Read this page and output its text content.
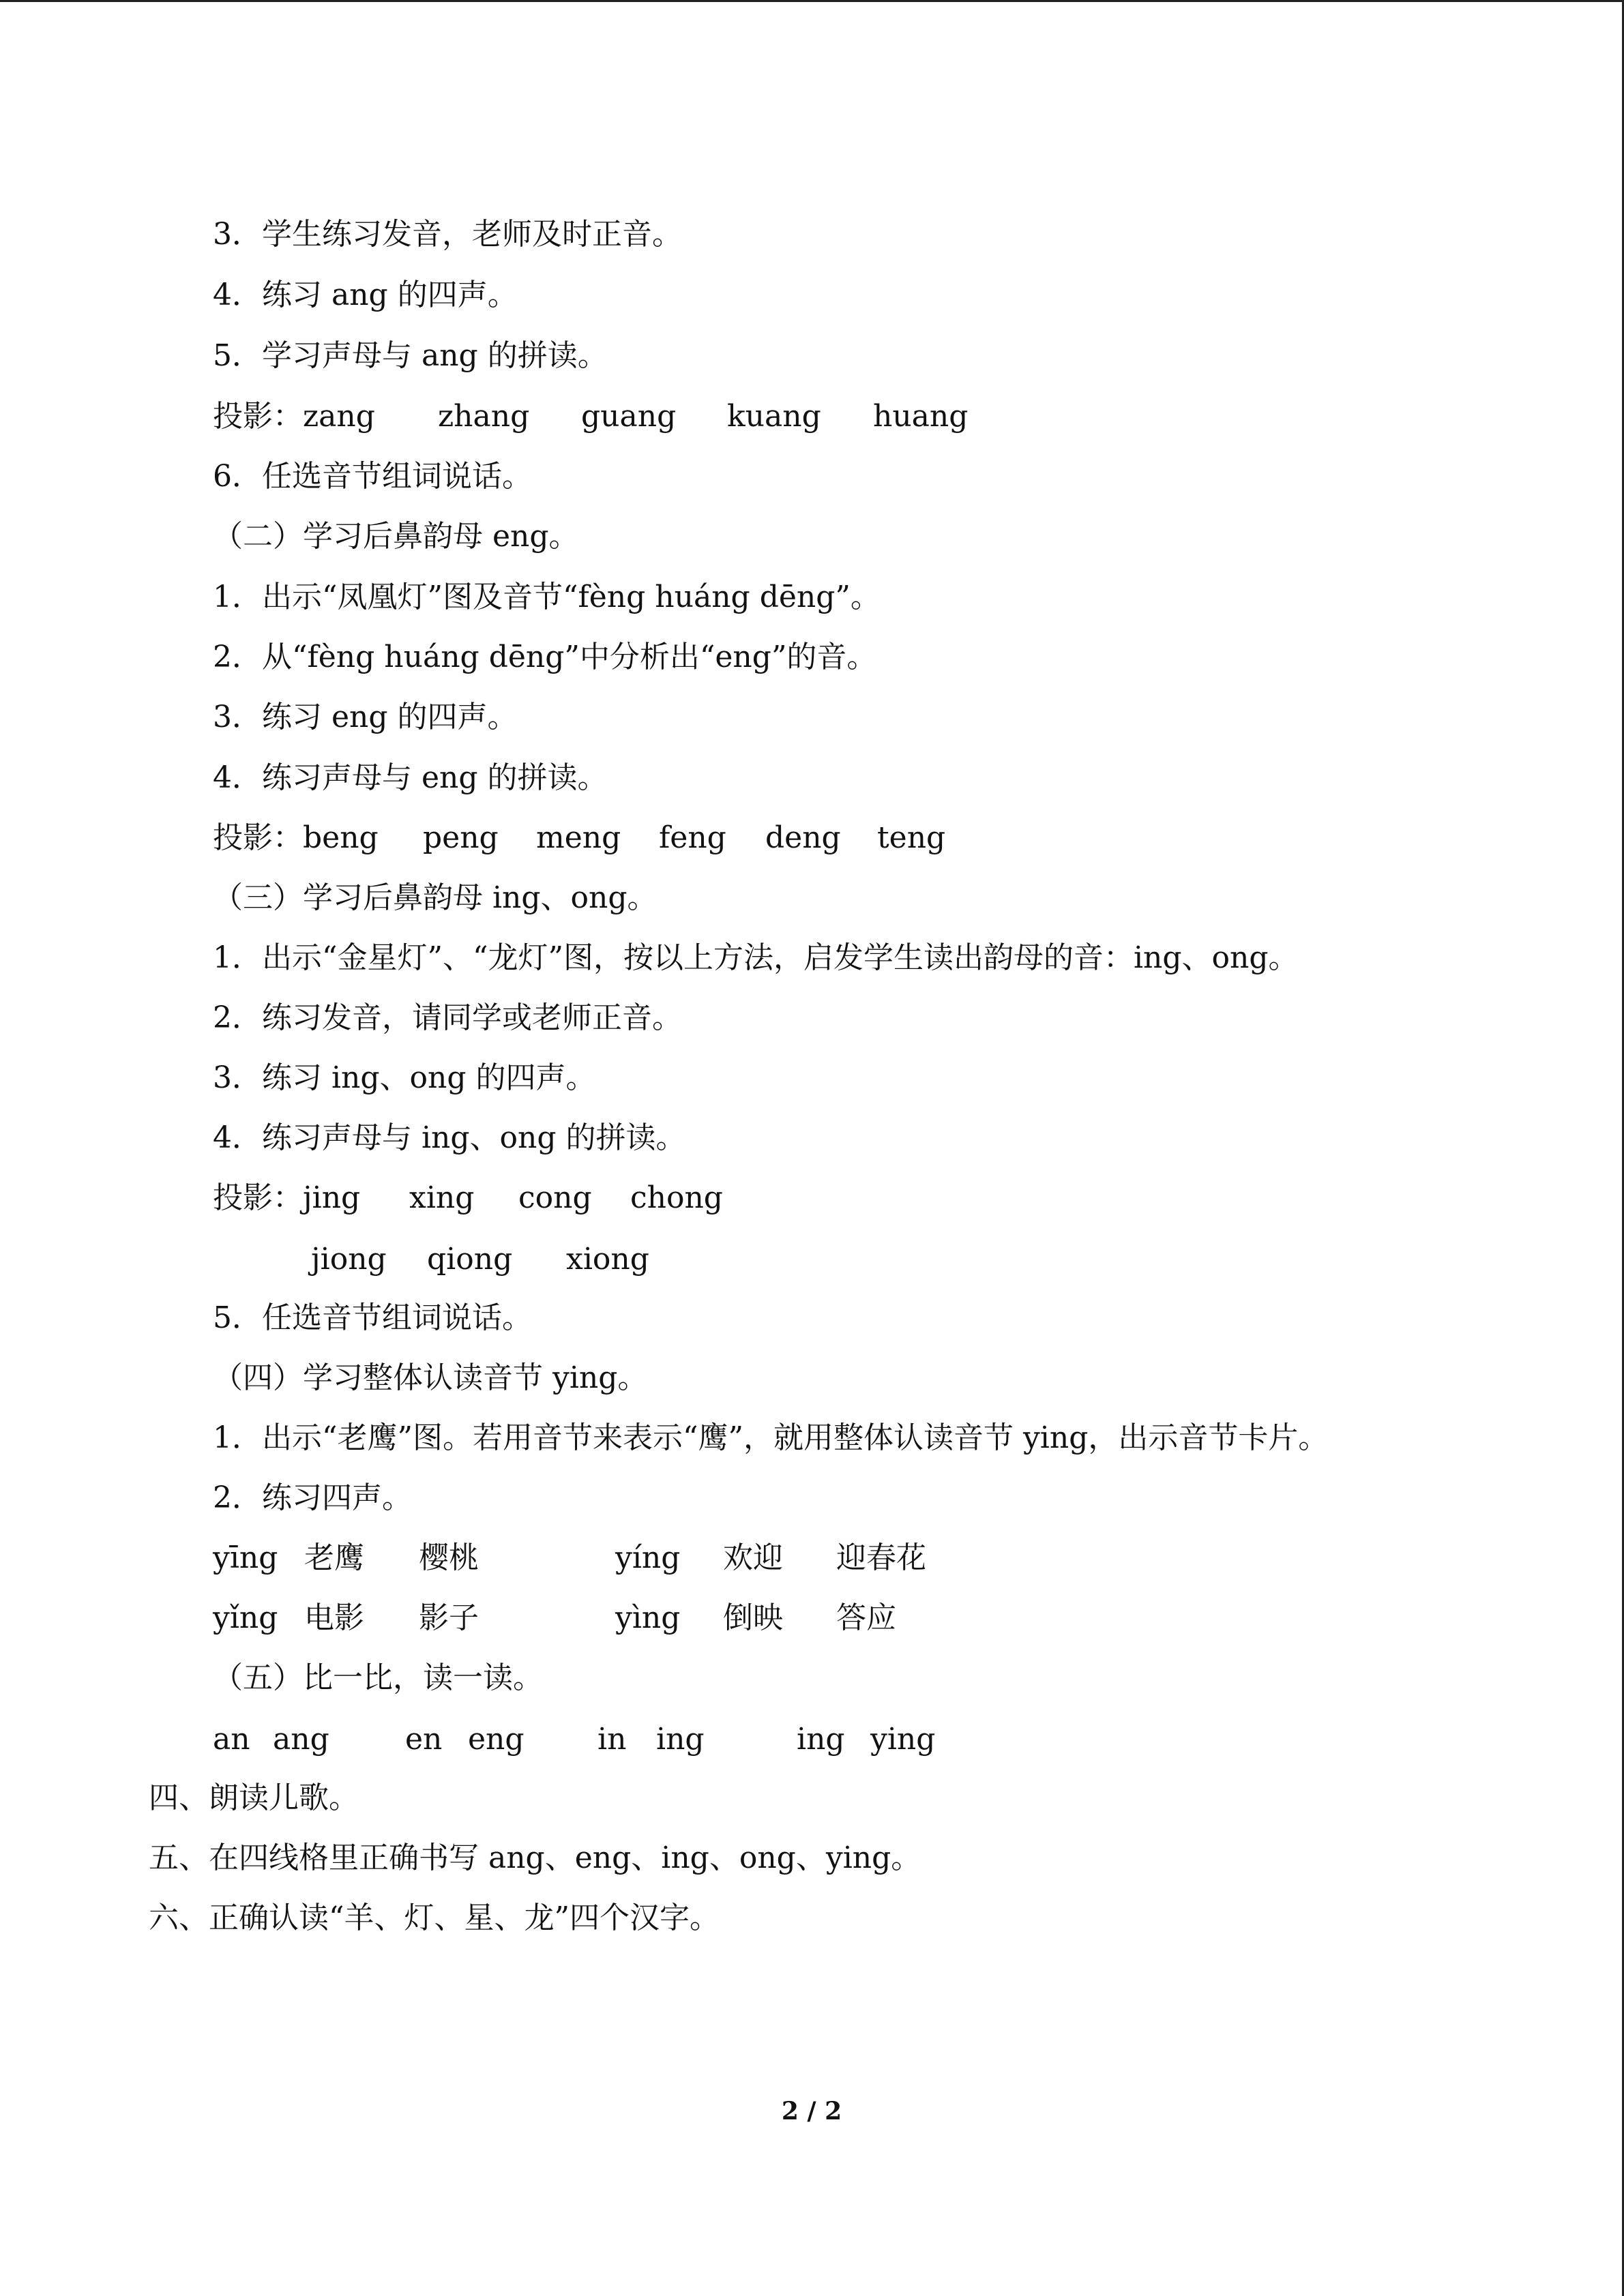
3．学生练习发音，老师及时正音。
4．练习 ang 的四声。
5．学习声母与 ang 的拼读。
投影：zang zhang guang kuang huang
6．任选音节组词说话。
（二）学习后鼻韵母 eng。
1．出示“凤凰灯”图及音节“fèng huáng dēng”。
2．从“fèng huáng dēng”中分析出“eng”的音。
3．练习 eng 的四声。
4．练习声母与 eng 的拼读。
投影：beng peng meng feng deng teng
（三）学习后鼻韵母 ing、ong。
1．出示“金星灯”、“龙灯”图，按以上方法，启发学生读出韵母的音：ing、ong。
2．练习发音，请同学或老师正音。
3．练习 ing、ong 的四声。
4．练习声母与 ing、ong 的拼读。
投影：jing xing cong chong
jiong qiong xiong
5．任选音节组词说话。
（四）学习整体认读音节 ying。
1．出示“老鹰”图。若用音节来表示“鹰”，就用整体认读音节 ying，出示音节卡片。
2．练习四声。
yīng 老鹰 樱桃	yíng 欢迎 迎春花
yǐng 电影 影子	yìng 倒映 答应
（五）比一比，读一读。
an ang	en eng in ing	ing ying
四、朗读儿歌。
五、在四线格里正确书写 ang、eng、ing、ong、ying。
六、正确认读“羊、灯、星、龙”四个汉字。
2 / 2
